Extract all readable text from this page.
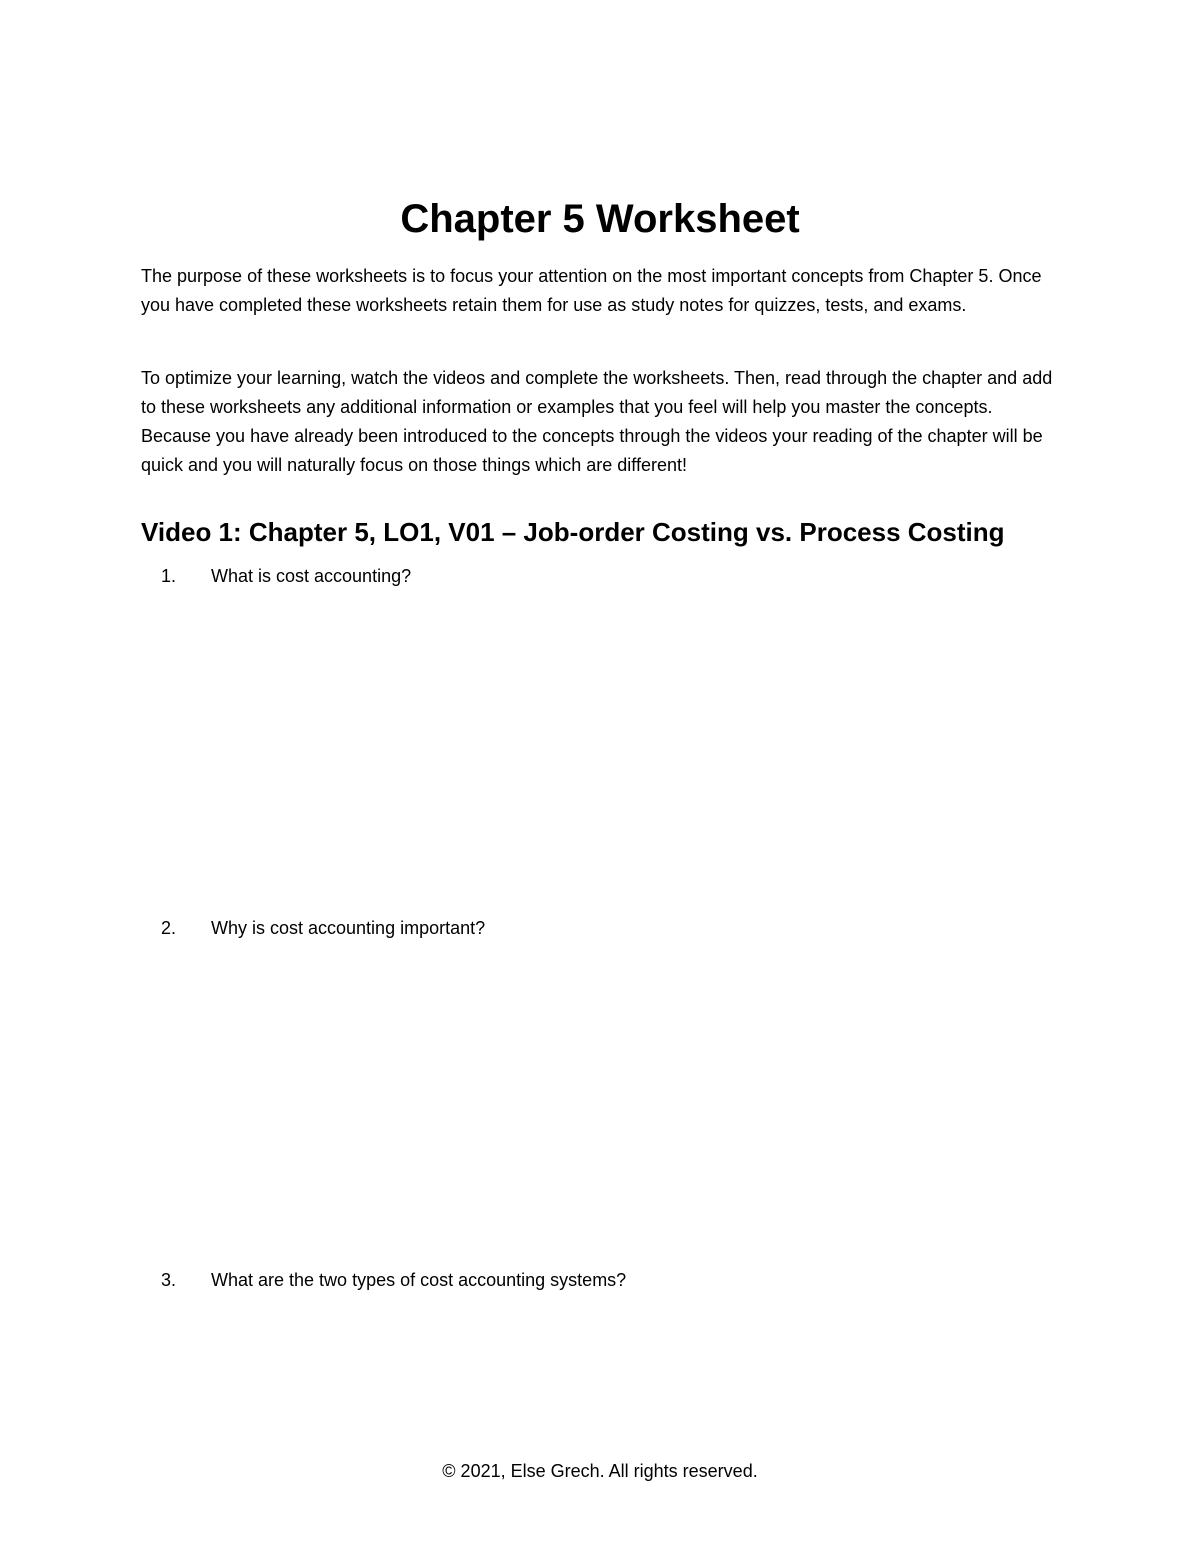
Chapter 5 Worksheet

The purpose of these worksheets is to focus your attention on the most important concepts from Chapter 5. Once you have completed these worksheets retain them for use as study notes for quizzes, tests, and exams.

To optimize your learning, watch the videos and complete the worksheets. Then, read through the chapter and add to these worksheets any additional information or examples that you feel will help you master the concepts. Because you have already been introduced to the concepts through the videos your reading of the chapter will be quick and you will naturally focus on those things which are different!

Video 1: Chapter 5, LO1, V01 – Job-order Costing vs. Process Costing
1. What is cost accounting?
2. Why is cost accounting important?
3. What are the two types of cost accounting systems?

© 2021, Else Grech. All rights reserved.
